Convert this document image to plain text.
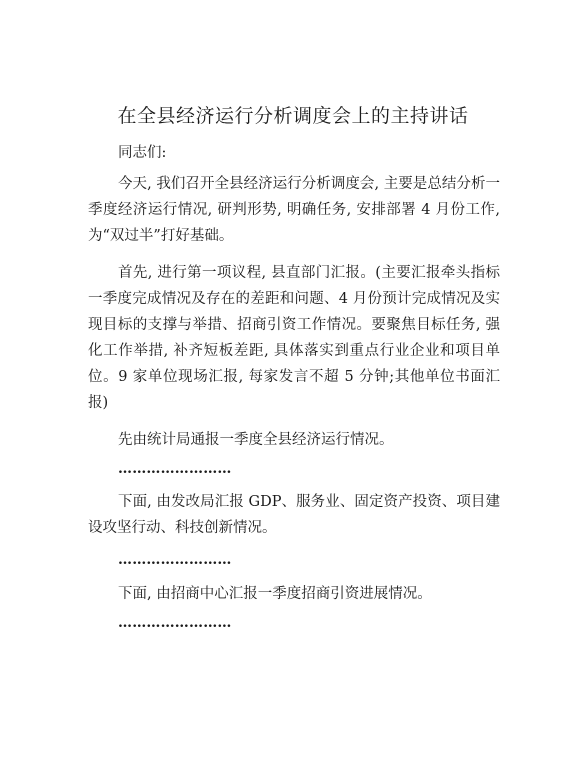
在全县经济运行分析调度会上的主持讲话

同志们:

今天, 我们召开全县经济运行分析调度会, 主要是总结分析一季度经济运行情况, 研判形势, 明确任务, 安排部署 4 月份工作, 为“双过半”打好基础。

首先, 进行第一项议程, 县直部门汇报。(主要汇报牵头指标一季度完成情况及存在的差距和问题、4 月份预计完成情况及实现目标的支撑与举措、招商引资工作情况。要聚焦目标任务, 强化工作举措, 补齐短板差距, 具体落实到重点行业企业和项目单位。9 家单位现场汇报, 每家发言不超 5 分钟;其他单位书面汇报)

先由统计局通报一季度全县经济运行情况。

……………………

下面, 由发改局汇报 GDP、服务业、固定资产投资、项目建设攻坚行动、科技创新情况。

……………………

下面, 由招商中心汇报一季度招商引资进展情况。

……………………
